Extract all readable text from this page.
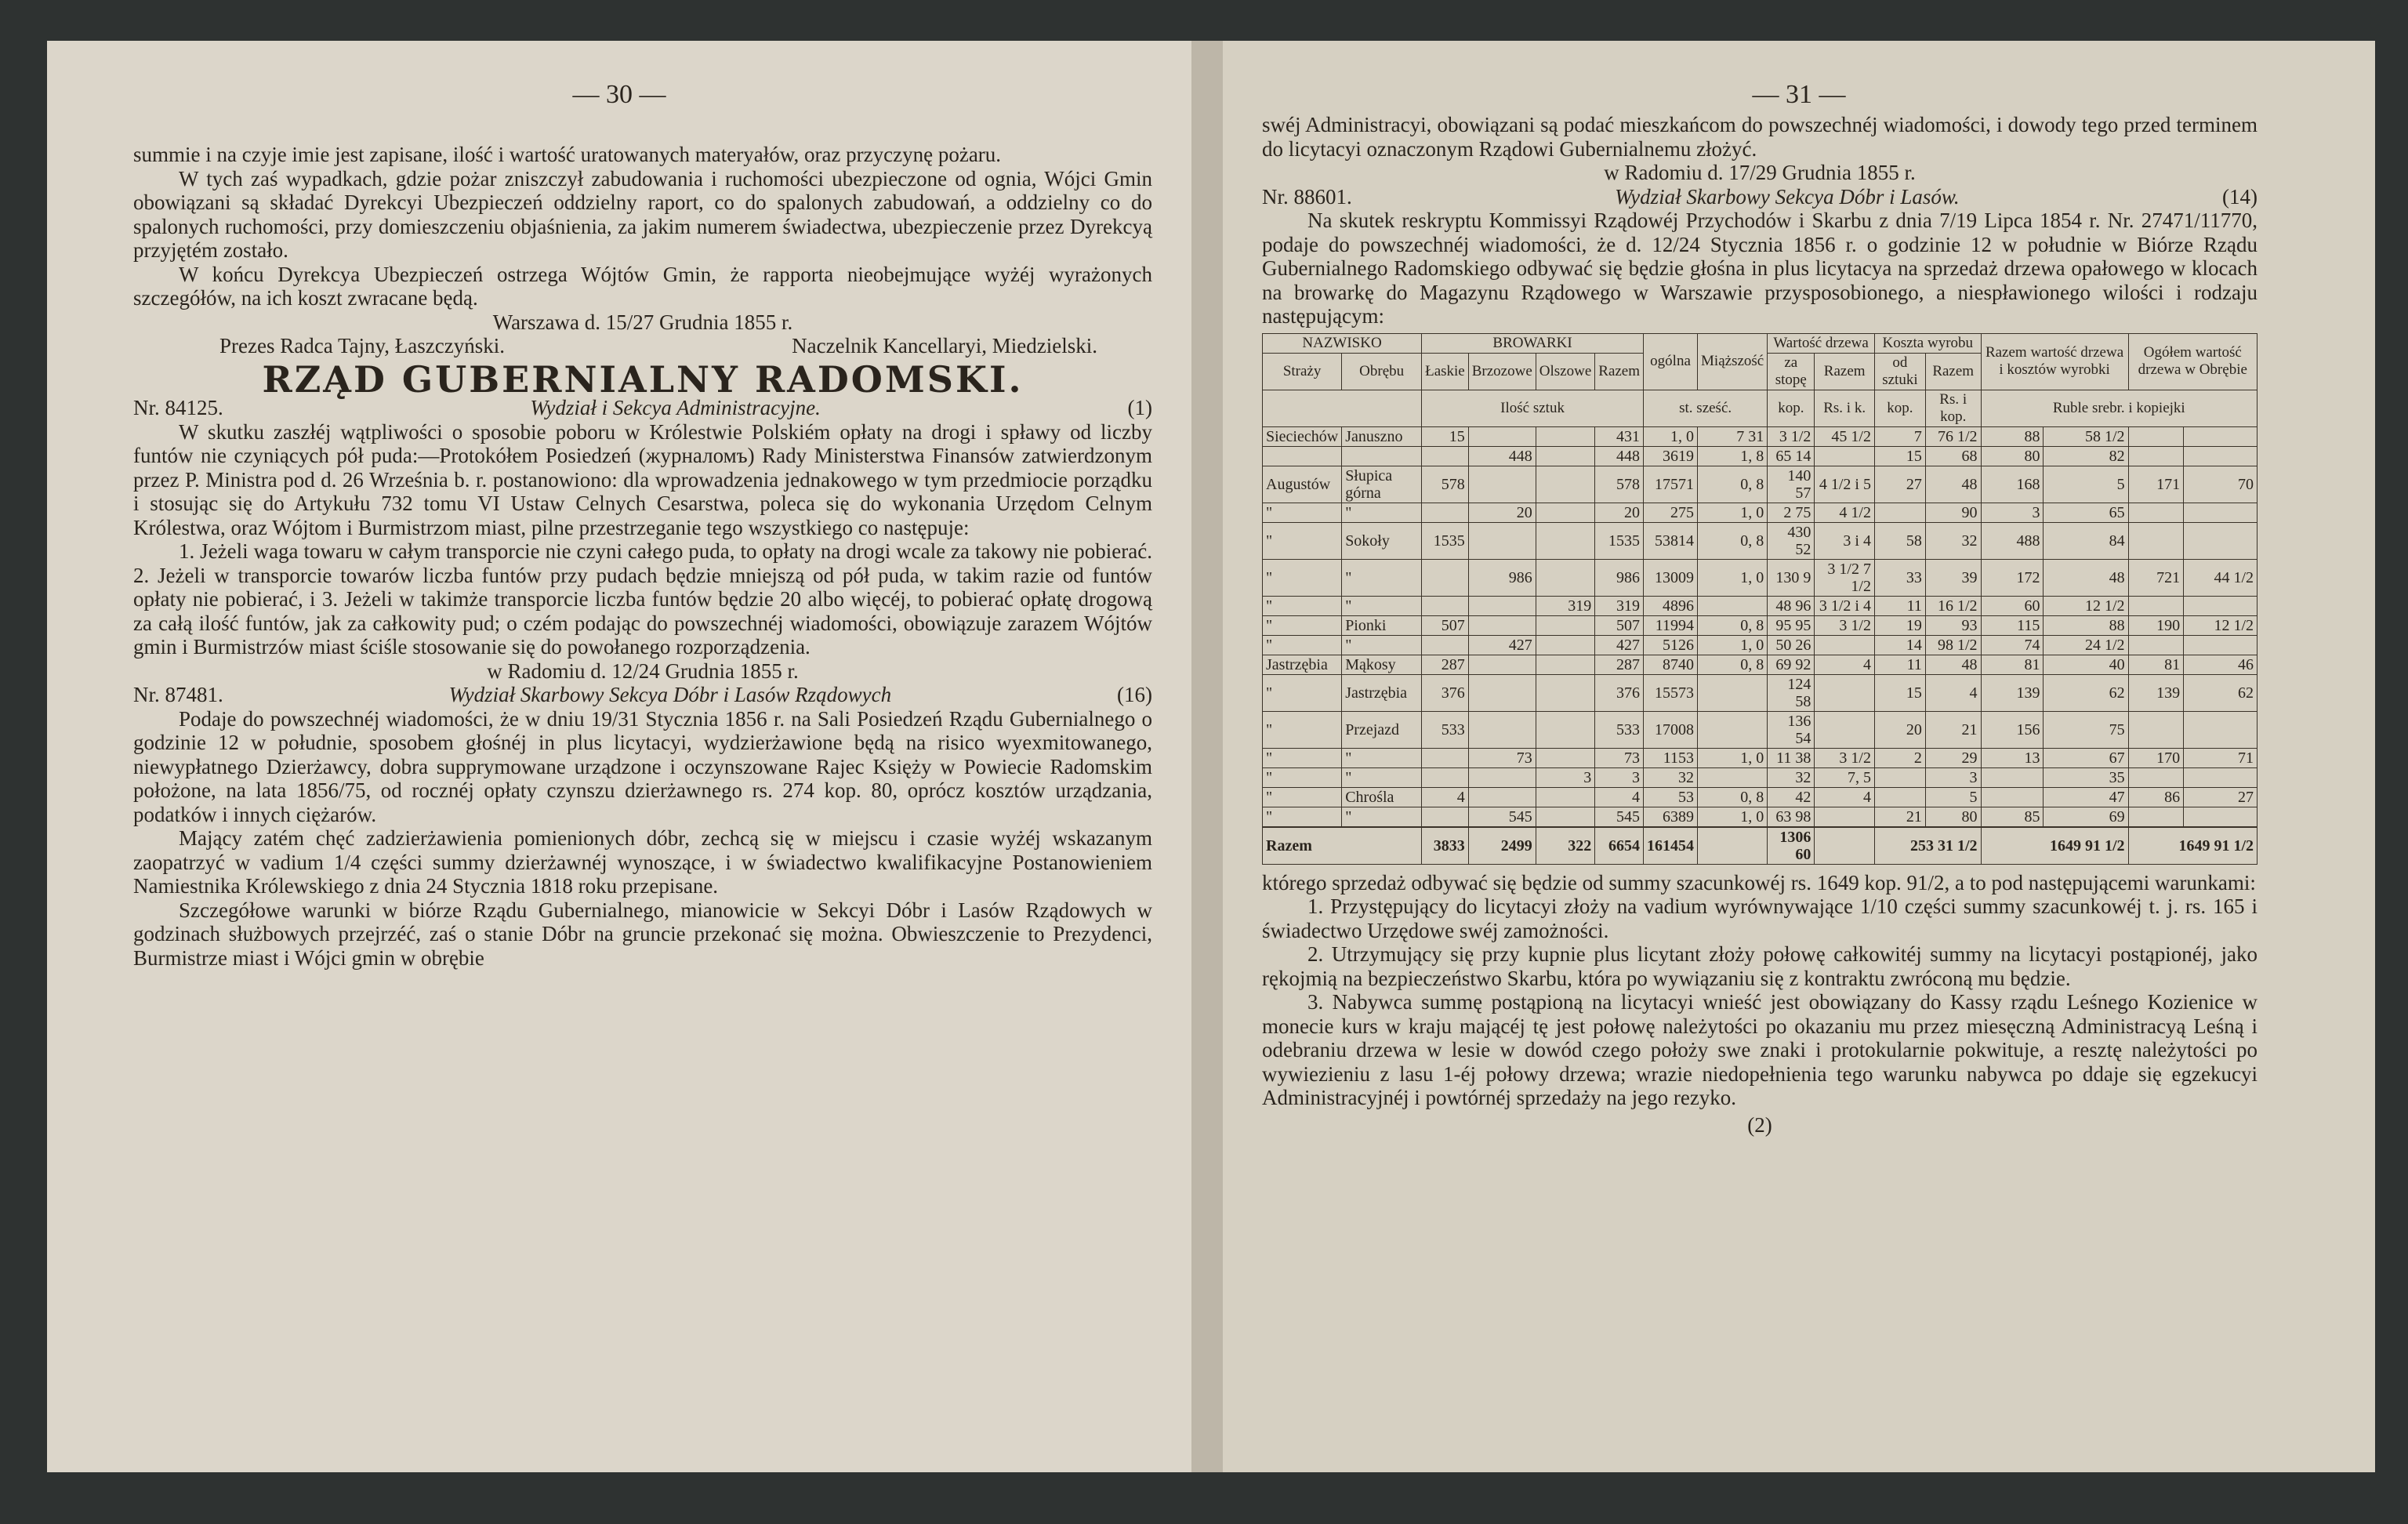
— 30 —

summie i na czyje imie jest zapisane, ilość i wartość uratowanych materyałów, oraz przyczynę pożaru.

W tych zaś wypadkach, gdzie pożar zniszczył zabudowania i ruchomości ubezpieczone od ognia, Wójci Gmin obowiązani są składać Dyrekcyi Ubezpieczeń oddzielny raport, co do spalonych zabudowań, a oddzielny co do spalonych ruchomości, przy domieszczeniu objaśnienia, za jakim numerem świadectwa, ubezpieczenie przez Dyrekcyą przyjętém zostało.

W końcu Dyrekcya Ubezpieczeń ostrzega Wójtów Gmin, że rapporta nieobejmujące wyżéj wyrażonych szczegółów, na ich koszt zwracane będą.

Warszawa d. 15/27 Grudnia 1855 r.

Prezes Radca Tajny, Łaszczyński.	Naczelnik Kancellaryi, Miedzielski.
RZĄD GUBERNIALNY RADOMSKI.
Nr. 84125.	Wydział i Sekcya Administracyjne.	(1)

W skutku zaszłéj wątpliwości o sposobie poboru w Królestwie Polskiém opłaty na drogi i spławy od liczby funtów nie czyniących pół puda:—Protokółem Posiedzeń (журналомъ) Rady Ministerstwa Finansów zatwierdzonym przez P. Ministra pod d. 26 Września b. r. postanowiono: dla wprowadzenia jednakowego w tym przedmiocie porządku i stosując się do Artykułu 732 tomu VI Ustaw Celnych Cesarstwa, poleca się do wykonania Urzędom Celnym Królestwa, oraz Wójtom i Burmistrzom miast, pilne przestrzeganie tego wszystkiego co następuje:

1. Jeżeli waga towaru w całym transporcie nie czyni całego puda, to opłaty na drogi wcale za takowy nie pobierać. 2. Jeżeli w transporcie towarów liczba funtów przy pudach będzie mniejszą od pół puda, w takim razie od funtów opłaty nie pobierać, i 3. Jeżeli w takimże transporcie liczba funtów będzie 20 albo więcéj, to pobierać opłatę drogową za całą ilość funtów, jak za całkowity pud; o czém podając do powszechnéj wiadomości, obowiązuje zarazem Wójtów gmin i Burmistrzów miast ściśle stosowanie się do powołanego rozporządzenia.

w Radomiu d. 12/24 Grudnia 1855 r.

Nr. 87481.	Wydział Skarbowy Sekcya Dóbr i Lasów Rządowych	(16)

Podaje do powszechnéj wiadomości, że w dniu 19/31 Stycznia 1856 r. na Sali Posiedzeń Rządu Gubernialnego o godzinie 12 w południe, sposobem głośnéj in plus licytacyi, wydzierżawione będą na risico wyexmitowanego, niewypłatnego Dzierżawcy, dobra supprymowane urządzone i oczynszowane Rajec Księży w Powiecie Radomskim położone, na lata 1856/75, od rocznéj opłaty czynszu dzierżawnego rs. 274 kop. 80, oprócz kosztów urządzania, podatków i innych ciężarów.

Mający zatém chęć zadzierżawienia pomienionych dóbr, zechcą się w miejscu i czasie wyżéj wskazanym zaopatrzyć w vadium 1/4 części summy dzierżawnéj wynoszące, i w świadectwo kwalifikacyjne Postanowieniem Namiestnika Królewskiego z dnia 24 Stycznia 1818 roku przepisane.

Szczegółowe warunki w biórze Rządu Gubernialnego, mianowicie w Sekcyi Dóbr i Lasów Rządowych w godzinach służbowych przejrzéć, zaś o stanie Dóbr na gruncie przekonać się można. Obwieszczenie to Prezydenci, Burmistrze miast i Wójci gmin w obrębie

— 31 —

swéj Administracyi, obowiązani są podać mieszkańcom do powszechnéj wiadomości, i dowody tego przed terminem do licytacyi oznaczonym Rządowi Gubernialnemu złożyć.

w Radomiu d. 17/29 Grudnia 1855 r.

Nr. 88601.	Wydział Skarbowy Sekcya Dóbr i Lasów.	(14)

Na skutek reskryptu Kommissyi Rządowéj Przychodów i Skarbu z dnia 7/19 Lipca 1854 r. Nr. 27471/11770, podaje do powszechnéj wiadomości, że d. 12/24 Stycznia 1856 r. o godzinie 12 w południe w Biórze Rządu Gubernialnego Radomskiego odbywać się będzie głośna in plus licytacya na sprzedaż drzewa opałowego w klocach na browarkę do Magazynu Rządowego w Warszawie przysposobionego, a niespławionego wilości i rodzaju następującym:

NAZWISKO		BROWARKI				ogólna	Miąższość	Wartość drzewa		Koszta wyrobu		Razem wartość drzewa i kosztów wyrobki		Ogółem wartość drzewa w Obrębie	
Straży	Obrębu	Łaskie	Brzozowe	Olszowe	Razem			za stopę	Razem	od sztuki	Razem				
		Ilość sztuk				st. sześć.		kop.	Rs. i k.	kop.	Rs. i kop.	Ruble srebr. i kopiejki			
Sieciechów	Januszno	15			431	1, 0	7 31	3 1/2	45 1/2	7	76 1/2	88	58 1/2		
			448		448	3619	1, 8	65 14		15	68	80	82		
Augustów	Słupica górna	578			578	17571	0, 8	140 57	4 1/2 i 5	27	48	168	5	171	70
"	"		20		20	275	1, 0	2 75	4 1/2		90	3	65		
"	Sokoły	1535			1535	53814	0, 8	430 52	3 i 4	58	32	488	84		
"	"		986		986	13009	1, 0	130 9	3 1/2 7 1/2	33	39	172	48	721	44 1/2
"	"			319	319	4896		48 96	3 1/2 i 4	11	16 1/2	60	12 1/2		
"	Pionki	507			507	11994	0, 8	95 95	3 1/2	19	93	115	88	190	12 1/2
"	"		427		427	5126	1, 0	50 26		14	98 1/2	74	24 1/2		
Jastrzębia	Mąkosy	287			287	8740	0, 8	69 92	4	11	48	81	40	81	46
"	Jastrzębia	376			376	15573		124 58		15	4	139	62	139	62
"	Przejazd	533			533	17008		136 54		20	21	156	75		
"	"		73		73	1153	1, 0	11 38	3 1/2	2	29	13	67	170	71
"	"			3	3	32		32	7, 5		3		35		
"	Chrośla	4			4	53	0, 8	42	4		5		47	86	27
"	"		545		545	6389	1, 0	63 98		21	80	85	69		
Razem		3833	2499	322	6654	161454		1306 60		253 31 1/2		1649 91 1/2		1649 91 1/2	

którego sprzedaż odbywać się będzie od summy szacunkowéj rs. 1649 kop. 91/2, a to pod następującemi warunkami:

1. Przystępujący do licytacyi złoży na vadium wyrównywające 1/10 części summy szacunkowéj t. j. rs. 165 i świadectwo Urzędowe swéj zamożności.

2. Utrzymujący się przy kupnie plus licytant złoży połowę całkowitéj summy na licytacyi postąpionéj, jako rękojmią na bezpieczeństwo Skarbu, która po wywiązaniu się z kontraktu zwróconą mu będzie.

3. Nabywca summę postąpioną na licytacyi wnieść jest obowiązany do Kassy rządu Leśnego Kozienice w monecie kurs w kraju mającéj tę jest połowę należytości po okazaniu mu przez miesęczną Administracyą Leśną i odebraniu drzewa w lesie w dowód czego położy swe znaki i protokularnie pokwituje, a resztę należytości po wywiezieniu z lasu 1-éj połowy drzewa; wrazie niedopełnienia tego warunku nabywca po ddaje się egzekucyi Administracyjnéj i powtórnéj sprzedaży na jego rezyko.

(2)
